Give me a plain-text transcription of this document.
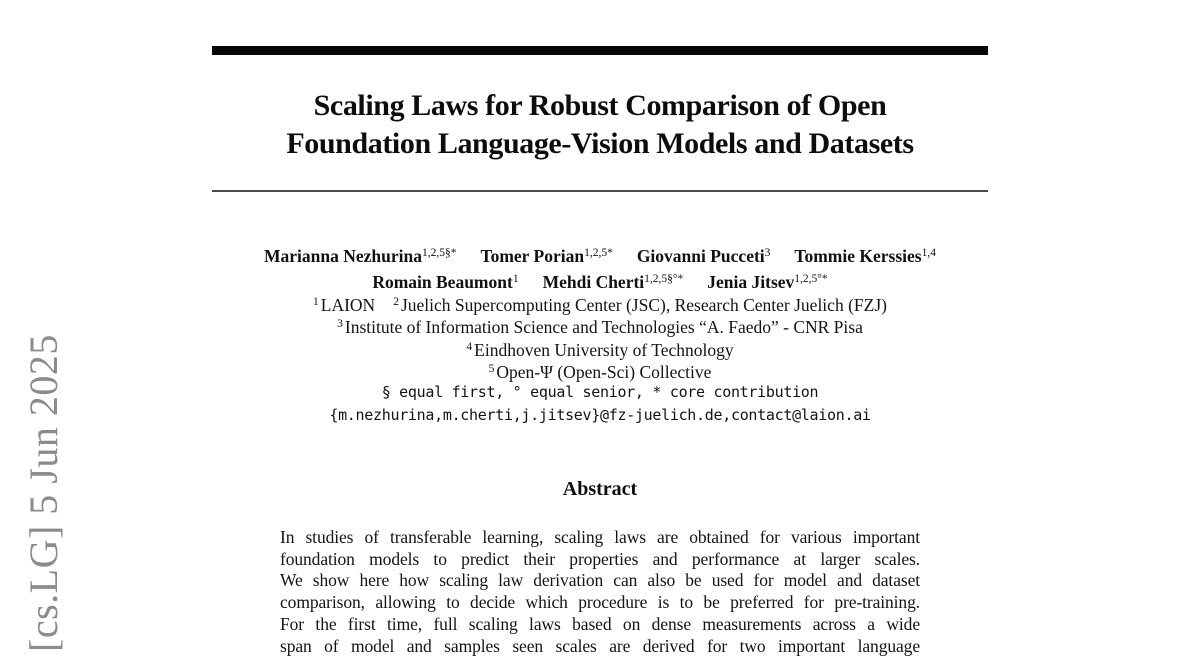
[cs.LG] 5 Jun 2025
Scaling Laws for Robust Comparison of Open
Foundation Language-Vision Models and Datasets
Marianna Nezhurina$^{1,2,5\S*}$ Tomer Porian$^{1,2,5*}$ Giovanni Pucceti$^3$ Tommie Kerssies$^{1,4}$
Romain Beaumont$^1$ Mehdi Cherti$^{1,2,5\S^\circ*}$ Jenia Jitsev$^{1,2,5^\circ*}$
$^1$ LAION $^2$ Juelich Supercomputing Center (JSC), Research Center Juelich (FZJ)
$^3$ Institute of Information Science and Technologies “A. Faedo” - CNR Pisa
$^4$ Eindhoven University of Technology
$^5$ Open-Ψ (Open-Sci) Collective
§ equal first, ° equal senior, * core contribution
{m.nezhurina,m.cherti,j.jitsev}@fz-juelich.de,contact@laion.ai
Abstract
In studies of transferable learning, scaling laws are obtained for various important
foundation models to predict their properties and performance at larger scales.
We show here how scaling law derivation can also be used for model and dataset
comparison, allowing to decide which procedure is to be preferred for pre-training.
For the first time, full scaling laws based on dense measurements across a wide
span of model and samples seen scales are derived for two important language
